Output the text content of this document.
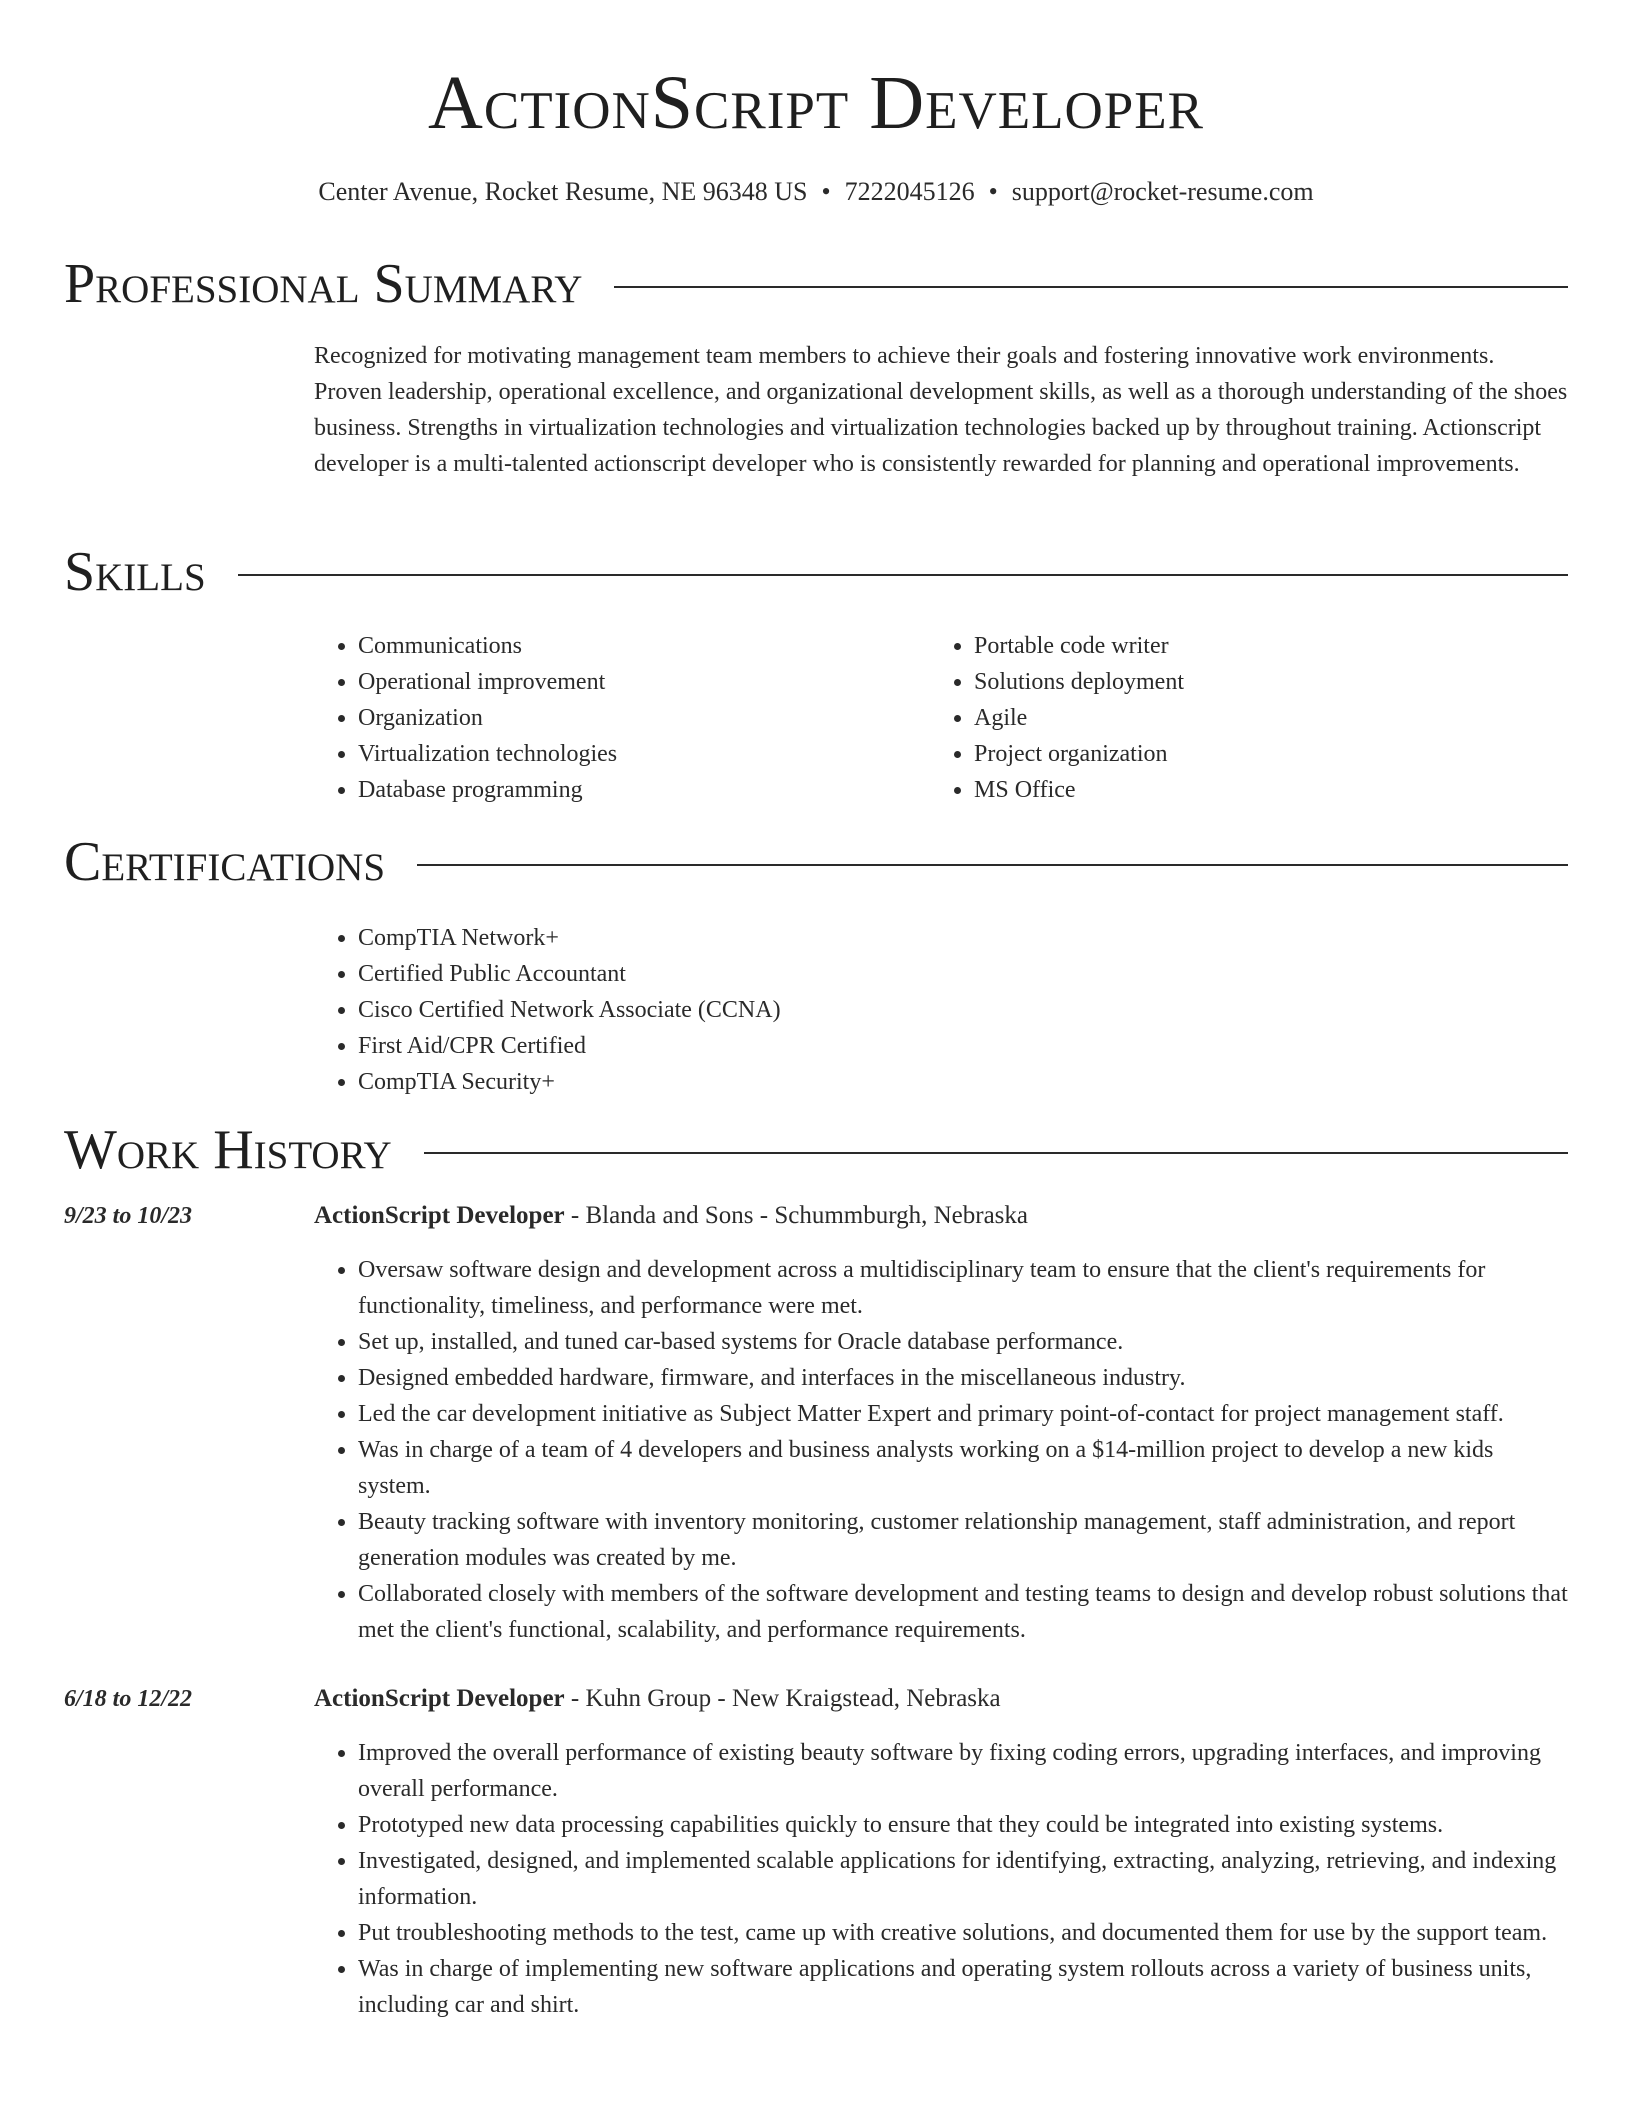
ActionScript Developer
Center Avenue, Rocket Resume, NE 96348 US • 7222045126 • support@rocket-resume.com
Professional Summary

Recognized for motivating management team members to achieve their goals and fostering innovative work environments. Proven leadership, operational excellence, and organizational development skills, as well as a thorough understanding of the shoes business. Strengths in virtualization technologies and virtualization technologies backed up by throughout training. Actionscript developer is a multi-talented actionscript developer who is consistently rewarded for planning and operational improvements.

Skills
• Communications
• Operational improvement
• Organization
• Virtualization technologies
• Database programming
• Portable code writer
• Solutions deployment
• Agile
• Project organization
• MS Office
Certifications
• CompTIA Network+
• Certified Public Accountant
• Cisco Certified Network Associate (CCNA)
• First Aid/CPR Certified
• CompTIA Security+
Work History
9/23 to 10/23	ActionScript Developer - Blanda and Sons - Schummburgh, Nebraska
• Oversaw software design and development across a multidisciplinary team to ensure that the client's requirements for functionality, timeliness, and performance were met.
• Set up, installed, and tuned car-based systems for Oracle database performance.
• Designed embedded hardware, firmware, and interfaces in the miscellaneous industry.
• Led the car development initiative as Subject Matter Expert and primary point-of-contact for project management staff.
• Was in charge of a team of 4 developers and business analysts working on a $14-million project to develop a new kids system.
• Beauty tracking software with inventory monitoring, customer relationship management, staff administration, and report generation modules was created by me.
• Collaborated closely with members of the software development and testing teams to design and develop robust solutions that met the client's functional, scalability, and performance requirements.
6/18 to 12/22	ActionScript Developer - Kuhn Group - New Kraigstead, Nebraska
• Improved the overall performance of existing beauty software by fixing coding errors, upgrading interfaces, and improving overall performance.
• Prototyped new data processing capabilities quickly to ensure that they could be integrated into existing systems.
• Investigated, designed, and implemented scalable applications for identifying, extracting, analyzing, retrieving, and indexing information.
• Put troubleshooting methods to the test, came up with creative solutions, and documented them for use by the support team.
• Was in charge of implementing new software applications and operating system rollouts across a variety of business units, including car and shirt.
